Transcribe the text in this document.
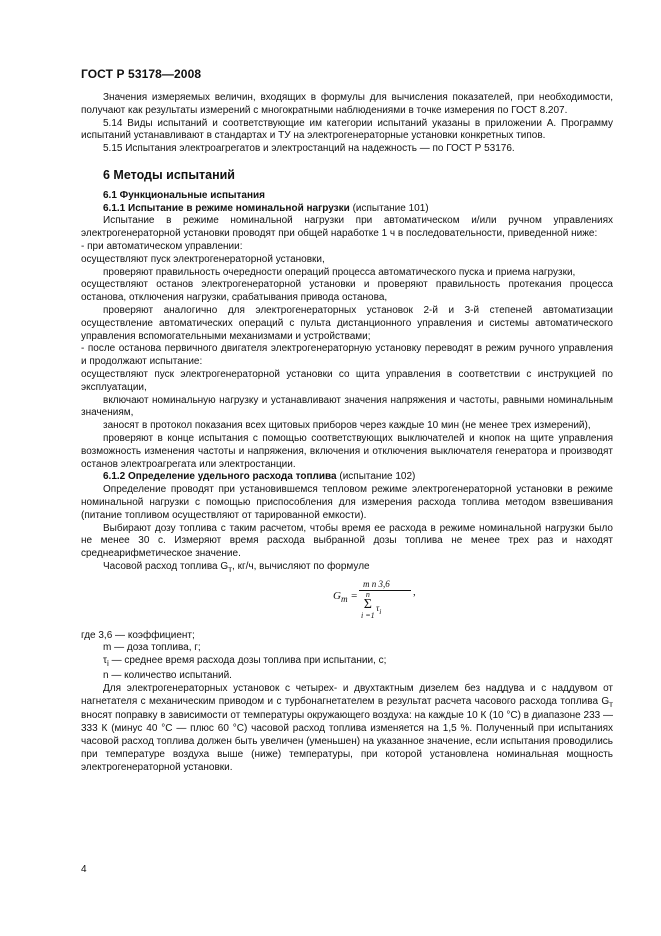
ГОСТ Р 53178—2008

Значения измеряемых величин, входящих в формулы для вычисления показателей, при необходимости, получают как результаты измерений с многократными наблюдениями в точке измерения по ГОСТ 8.207.

5.14 Виды испытаний и соответствующие им категории испытаний указаны в приложении А. Программу испытаний устанавливают в стандартах и ТУ на электрогенераторные установки конкретных типов.

5.15 Испытания электроагрегатов и электростанций на надежность — по ГОСТ Р 53176.

6 Методы испытаний

6.1 Функциональные испытания

6.1.1 Испытание в режиме номинальной нагрузки (испытание 101)

Испытание в режиме номинальной нагрузки при автоматическом и/или ручном управлениях электрогенераторной установки проводят при общей наработке 1 ч в последовательности, приведенной ниже:

- при автоматическом управлении:

осуществляют пуск электрогенераторной установки,

проверяют правильность очередности операций процесса автоматического пуска и приема нагрузки,

осуществляют останов электрогенераторной установки и проверяют правильность протекания процесса останова, отключения нагрузки, срабатывания привода останова,

проверяют аналогично для электрогенераторных установок 2-й и 3-й степеней автоматизации осуществление автоматических операций с пульта дистанционного управления и системы автоматического управления вспомогательными механизмами и устройствами;

- после останова первичного двигателя электрогенераторную установку переводят в режим ручного управления и продолжают испытание:

осуществляют пуск электрогенераторной установки со щита управления в соответствии с инструкцией по эксплуатации,

включают номинальную нагрузку и устанавливают значения напряжения и частоты, равными номинальным значениям,

заносят в протокол показания всех щитовых приборов через каждые 10 мин (не менее трех измерений),

проверяют в конце испытания с помощью соответствующих выключателей и кнопок на щите управления возможность изменения частоты и напряжения, включения и отключения выключателя генератора и производят останов электроагрегата или электростанции.

6.1.2 Определение удельного расхода топлива (испытание 102)

Определение проводят при установившемся тепловом режиме электрогенераторной установки в режиме номинальной нагрузки с помощью приспособления для измерения расхода топлива методом взвешивания (питание топливом осуществляют от тарированной емкости).

Выбирают дозу топлива с таким расчетом, чтобы время ее расхода в режиме номинальной нагрузки было не менее 30 с. Измеряют время расхода выбранной дозы топлива не менее трех раз и находят среднеарифметическое значение.

Часовой расход топлива $G_т$, кг/ч, вычисляют по формуле

$G_т$ =
m n 3,6
n
Σ
i =1
$\tau_i$
,

где 3,6 — коэффициент;

m — доза топлива, г;

$\tau_i$ — среднее время расхода дозы топлива при испытании, с;

n — количество испытаний.

Для электрогенераторных установок с четырех- и двухтактным дизелем без наддува и с наддувом от нагнетателя с механическим приводом и с турбонагнетателем в результат расчета часового расхода топлива $G_т$ вносят поправку в зависимости от температуры окружающего воздуха: на каждые 10 К (10 °С) в диапазоне 233 —333 К (минус 40 °С — плюс 60 °С) часовой расход топлива изменяется на 1,5 %. Полученный при испытаниях часовой расход топлива должен быть увеличен (уменьшен) на указанное значение, если испытания проводились при температуре воздуха выше (ниже) температуры, при которой установлена номинальная мощность электрогенераторной установки.

4
